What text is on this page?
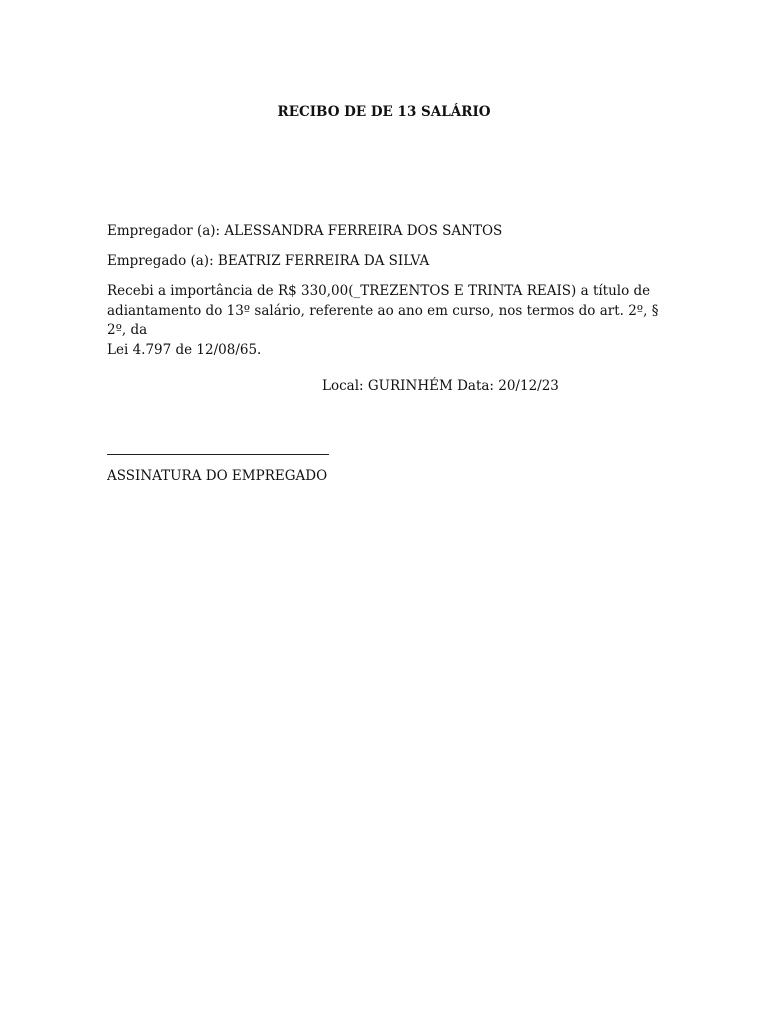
RECIBO DE DE 13 SALÁRIO

Empregador (a): ALESSANDRA FERREIRA DOS SANTOS

Empregado (a): BEATRIZ FERREIRA DA SILVA

Recebi a importância de R$ 330,00(_TREZENTOS E TRINTA REAIS) a título de
adiantamento do 13º salário, referente ao ano em curso, nos termos do art. 2º, § 2º, da
Lei 4.797 de 12/08/65.

Local: GURINHÉM Data: 20/12/23

ASSINATURA DO EMPREGADO
